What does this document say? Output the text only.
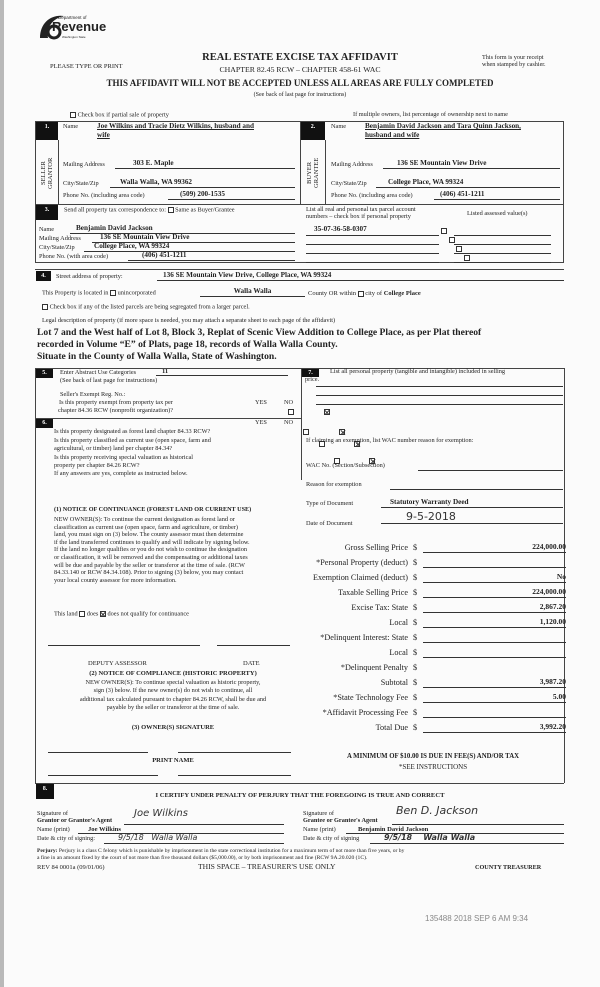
Department of
Revenue
Washington State
PLEASE TYPE OR PRINT
REAL ESTATE EXCISE TAX AFFIDAVIT
CHAPTER 82.45 RCW – CHAPTER 458-61 WAC
THIS AFFIDAVIT WILL NOT BE ACCEPTED UNLESS ALL AREAS ARE FULLY COMPLETED
(See back of last page for instructions)
This form is your receipt
when stamped by cashier.
Check box if partial sale of property	If multiple owners, list percentage of ownership next to name
1.
SELLER GRANTOR
2.
BUYER GRANTEE
Name	Joe Wilkins and Tracie Dietz Wilkins, husband and
wife
Mailing Address	303 E. Maple
City/State/Zip	Walla Walla, WA 99362
Phone No. (including area code)	(509) 200-1535
Name	Benjamin David Jackson and Tara Quinn Jackson,
husband and wife
Mailing Address	136 SE Mountain View Drive
City/State/Zip	College Place, WA 99324
Phone No. (including area code)	(406) 451-1211
3.	Send all property tax correspondence to: Same as Buyer/Grantee	List all real and personal tax parcel account
numbers – check box if personal property	Listed assessed value(s)
Name	Benjamin David Jackson
Mailing Address	136 SE Mountain View Drive
City/State/Zip	College Place, WA 99324
Phone No. (with area code)	(406) 451-1211
35-07-36-58-0307

4.	Street address of property:	136 SE Mountain View Drive, College Place, WA 99324
This Property is located in unincorporated	Walla Walla	County OR within city of College Place
Check box if any of the listed parcels are being segregated from a larger parcel.
Legal description of property (if more space is needed, you may attach a separate sheet to each page of the affidavit)
Lot 7 and the West half of Lot 8, Block 3, Replat of Scenic View Addition to College Place, as per Plat thereof
recorded in Volume “E” of Plats, page 18, records of Walla Walla County.
Situate in the County of Walla Walla, State of Washington.
5.	Enter Abstract Use Categories	11
(See back of last page for instructions)
Seller's Exempt Reg. No.:
Is this property exempt from property tax per
chapter 84.36 RCW (nonprofit organization)?
YES	NO

6.	YES	NO
Is this property designated as forest land chapter 84.33 RCW?

Is this property classified as current use (open space, farm and
agricultural, or timber) land per chapter 84.34?

Is this property receiving special valuation as historical
property per chapter 84.26 RCW?

If any answers are yes, complete as instructed below.
(1) NOTICE OF CONTINUANCE (FOREST LAND OR CURRENT USE)
NEW OWNER(S): To continue the current designation as forest land or
classification as current use (open space, farm and agriculture, or timber)
land, you must sign on (3) below. The county assessor must then determine
if the land transferred continues to qualify and will indicate by signing below.
If the land no longer qualifies or you do not wish to continue the designation
or classification, it will be removed and the compensating or additional taxes
will be due and payable by the seller or transferor at the time of sale. (RCW
84.33.140 or RCW 84.34.108). Prior to signing (3) below, you may contact
your local county assessor for more information.
This land does does not qualify for continuance
DEPUTY ASSESSOR	DATE
(2) NOTICE OF COMPLIANCE (HISTORIC PROPERTY)
NEW OWNER(S): To continue special valuation as historic property,
sign (3) below. If the new owner(s) do not wish to continue, all
additional tax calculated pursuant to chapter 84.26 RCW, shall be due and
payable by the seller or transferor at the time of sale.
(3) OWNER(S) SIGNATURE
PRINT NAME
7.	List all personal property (tangible and intangible) included in selling
price.
If claiming an exemption, list WAC number reason for exemption:
WAC No. (Section/Subsection)
Reason for exemption
Type of Document	Statutory Warranty Deed
Date of Document
9-5-2018
Gross Selling Price $	224,000.00
*Personal Property (deduct) $
Exemption Claimed (deduct) $	No
Taxable Selling Price $	224,000.00
Excise Tax: State $	2,867.20
Local $	1,120.00
*Delinquent Interest: State $
Local $
*Delinquent Penalty $
Subtotal $	3,987.20
*State Technology Fee $	5.00
*Affidavit Processing Fee $
Total Due $	3,992.20
A MINIMUM OF $10.00 IS DUE IN FEE(S) AND/OR TAX
*SEE INSTRUCTIONS
8.
I CERTIFY UNDER PENALTY OF PERJURY THAT THE FOREGOING IS TRUE AND CORRECT
Signature of
Grantor or Grantor's Agent
Joe Wilkins
Name (print)	Joe Wilkins
Date & city of signing:	9/5/18 Walla Walla
Signature of
Grantee or Grantee's Agent
Ben D. Jackson
Name (print)	Benjamin David Jackson
Date & city of signing	9/5/18 Walla Walla
Perjury: Perjury is a class C felony which is punishable by imprisonment in the state correctional institution for a maximum term of not more than five years, or by
a fine in an amount fixed by the court of not more than five thousand dollars ($5,000.00), or by both imprisonment and fine (RCW 9A.20.020 (1C).
REV 84 0001a (09/01/06)	THIS SPACE – TREASURER'S USE ONLY	COUNTY TREASURER
135488 2018 SEP 6 AM 9:34
